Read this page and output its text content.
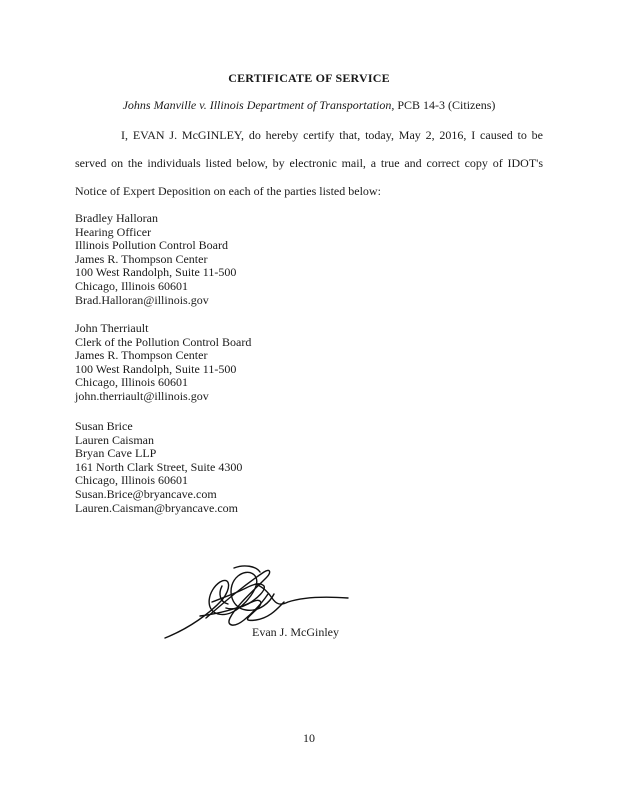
CERTIFICATE OF SERVICE
Johns Manville v. Illinois Department of Transportation, PCB 14-3 (Citizens)
I, EVAN J. McGINLEY, do hereby certify that, today, May 2, 2016, I caused to be
served on the individuals listed below, by electronic mail, a true and correct copy of IDOT's
Notice of Expert Deposition on each of the parties listed below:
Bradley Halloran
Hearing Officer
Illinois Pollution Control Board
James R. Thompson Center
100 West Randolph, Suite 11-500
Chicago, Illinois 60601
Brad.Halloran@illinois.gov
John Therriault
Clerk of the Pollution Control Board
James R. Thompson Center
100 West Randolph, Suite 11-500
Chicago, Illinois 60601
john.therriault@illinois.gov
Susan Brice
Lauren Caisman
Bryan Cave LLP
161 North Clark Street, Suite 4300
Chicago, Illinois 60601
Susan.Brice@bryancave.com
Lauren.Caisman@bryancave.com
Evan J. McGinley
10
